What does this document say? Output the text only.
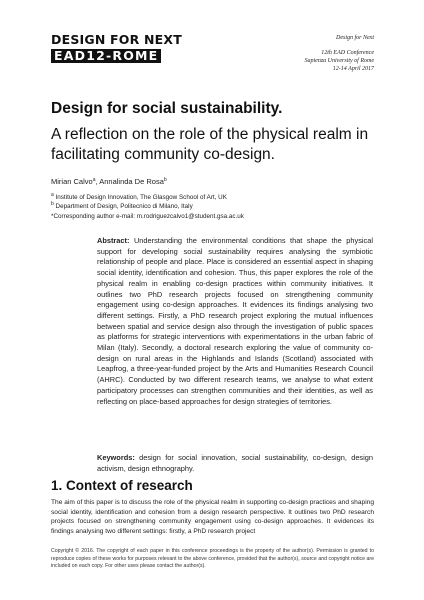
DESIGN FOR NEXT
EAD12-ROME
Design for Next
12th EAD Conference
Sapienza University of Rome
12-14 April 2017
Design for social sustainability.
A reflection on the role of the physical realm in facilitating community co-design.
Mirian Calvo$^a$, Annalinda De Rosa$^b$
$^a$ Institute of Design Innovation, The Glasgow School of Art, UK
$^b$ Department of Design, Politecnico di Milano, Italy
*Corresponding author e-mail: m.rodriguezcalvo1@student.gsa.ac.uk

Abstract: Understanding the environmental conditions that shape the physical support for developing social sustainability requires analysing the symbiotic relationship of people and place. Place is considered an essential aspect in shaping social identity, identification and cohesion. Thus, this paper explores the role of the physical realm in enabling co-design practices within community initiatives. It outlines two PhD research projects focused on strengthening community engagement using co-design approaches. It evidences its findings analysing two different settings. Firstly, a PhD research project exploring the mutual influences between spatial and service design also through the investigation of public spaces as platforms for strategic interventions with experimentations in the urban fabric of Milan (Italy). Secondly, a doctoral research exploring the value of community co-design on rural areas in the Highlands and Islands (Scotland) associated with Leapfrog, a three-year-funded project by the Arts and Humanities Research Council (AHRC). Conducted by two different research teams, we analyse to what extent participatory processes can strengthen communities and their identities, as well as reflecting on place-based approaches for design strategies of territories.

Keywords: design for social innovation, social sustainability, co-design, design activism, design ethnography.

1. Context of research

The aim of this paper is to discuss the role of the physical realm in supporting co-design practices and shaping social identity, identification and cohesion from a design research perspective. It outlines two PhD research projects focused on strengthening community engagement using co-design approaches. It evidences its findings analysing two different settings: firstly, a PhD research project

Copyright © 2016. The copyright of each paper in this conference proceedings is the property of the author(s). Permission is granted to reproduce copies of these works for purposes relevant to the above conference, provided that the author(s), source and copyright notice are included on each copy. For other uses please contact the author(s).
